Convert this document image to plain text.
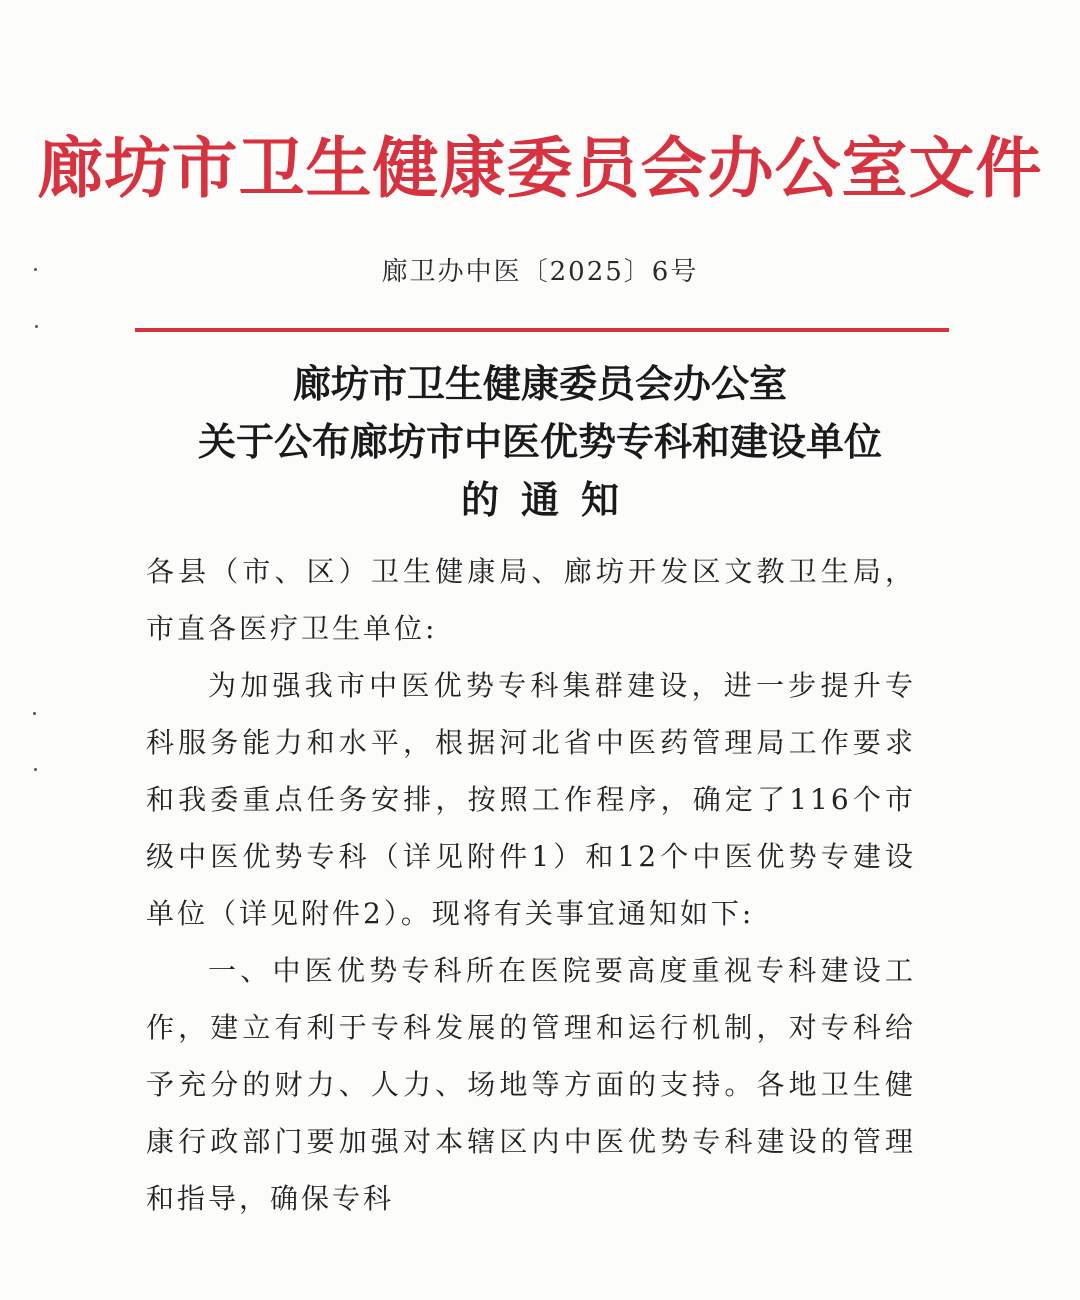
廊坊市卫生健康委员会办公室文件
廊卫办中医〔2025〕6号
廊坊市卫生健康委员会办公室
关于公布廊坊市中医优势专科和建设单位
的通知

各县（市、区）卫生健康局、廊坊开发区文教卫生局，市直各医疗卫生单位:

为加强我市中医优势专科集群建设，进一步提升专科服务能力和水平，根据河北省中医药管理局工作要求和我委重点任务安排，按照工作程序，确定了116个市级中医优势专科（详见附件1）和12个中医优势专建设单位（详见附件2）。现将有关事宜通知如下:

一、中医优势专科所在医院要高度重视专科建设工作，建立有利于专科发展的管理和运行机制，对专科给予充分的财力、人力、场地等方面的支持。各地卫生健康行政部门要加强对本辖区内中医优势专科建设的管理和指导，确保专科
